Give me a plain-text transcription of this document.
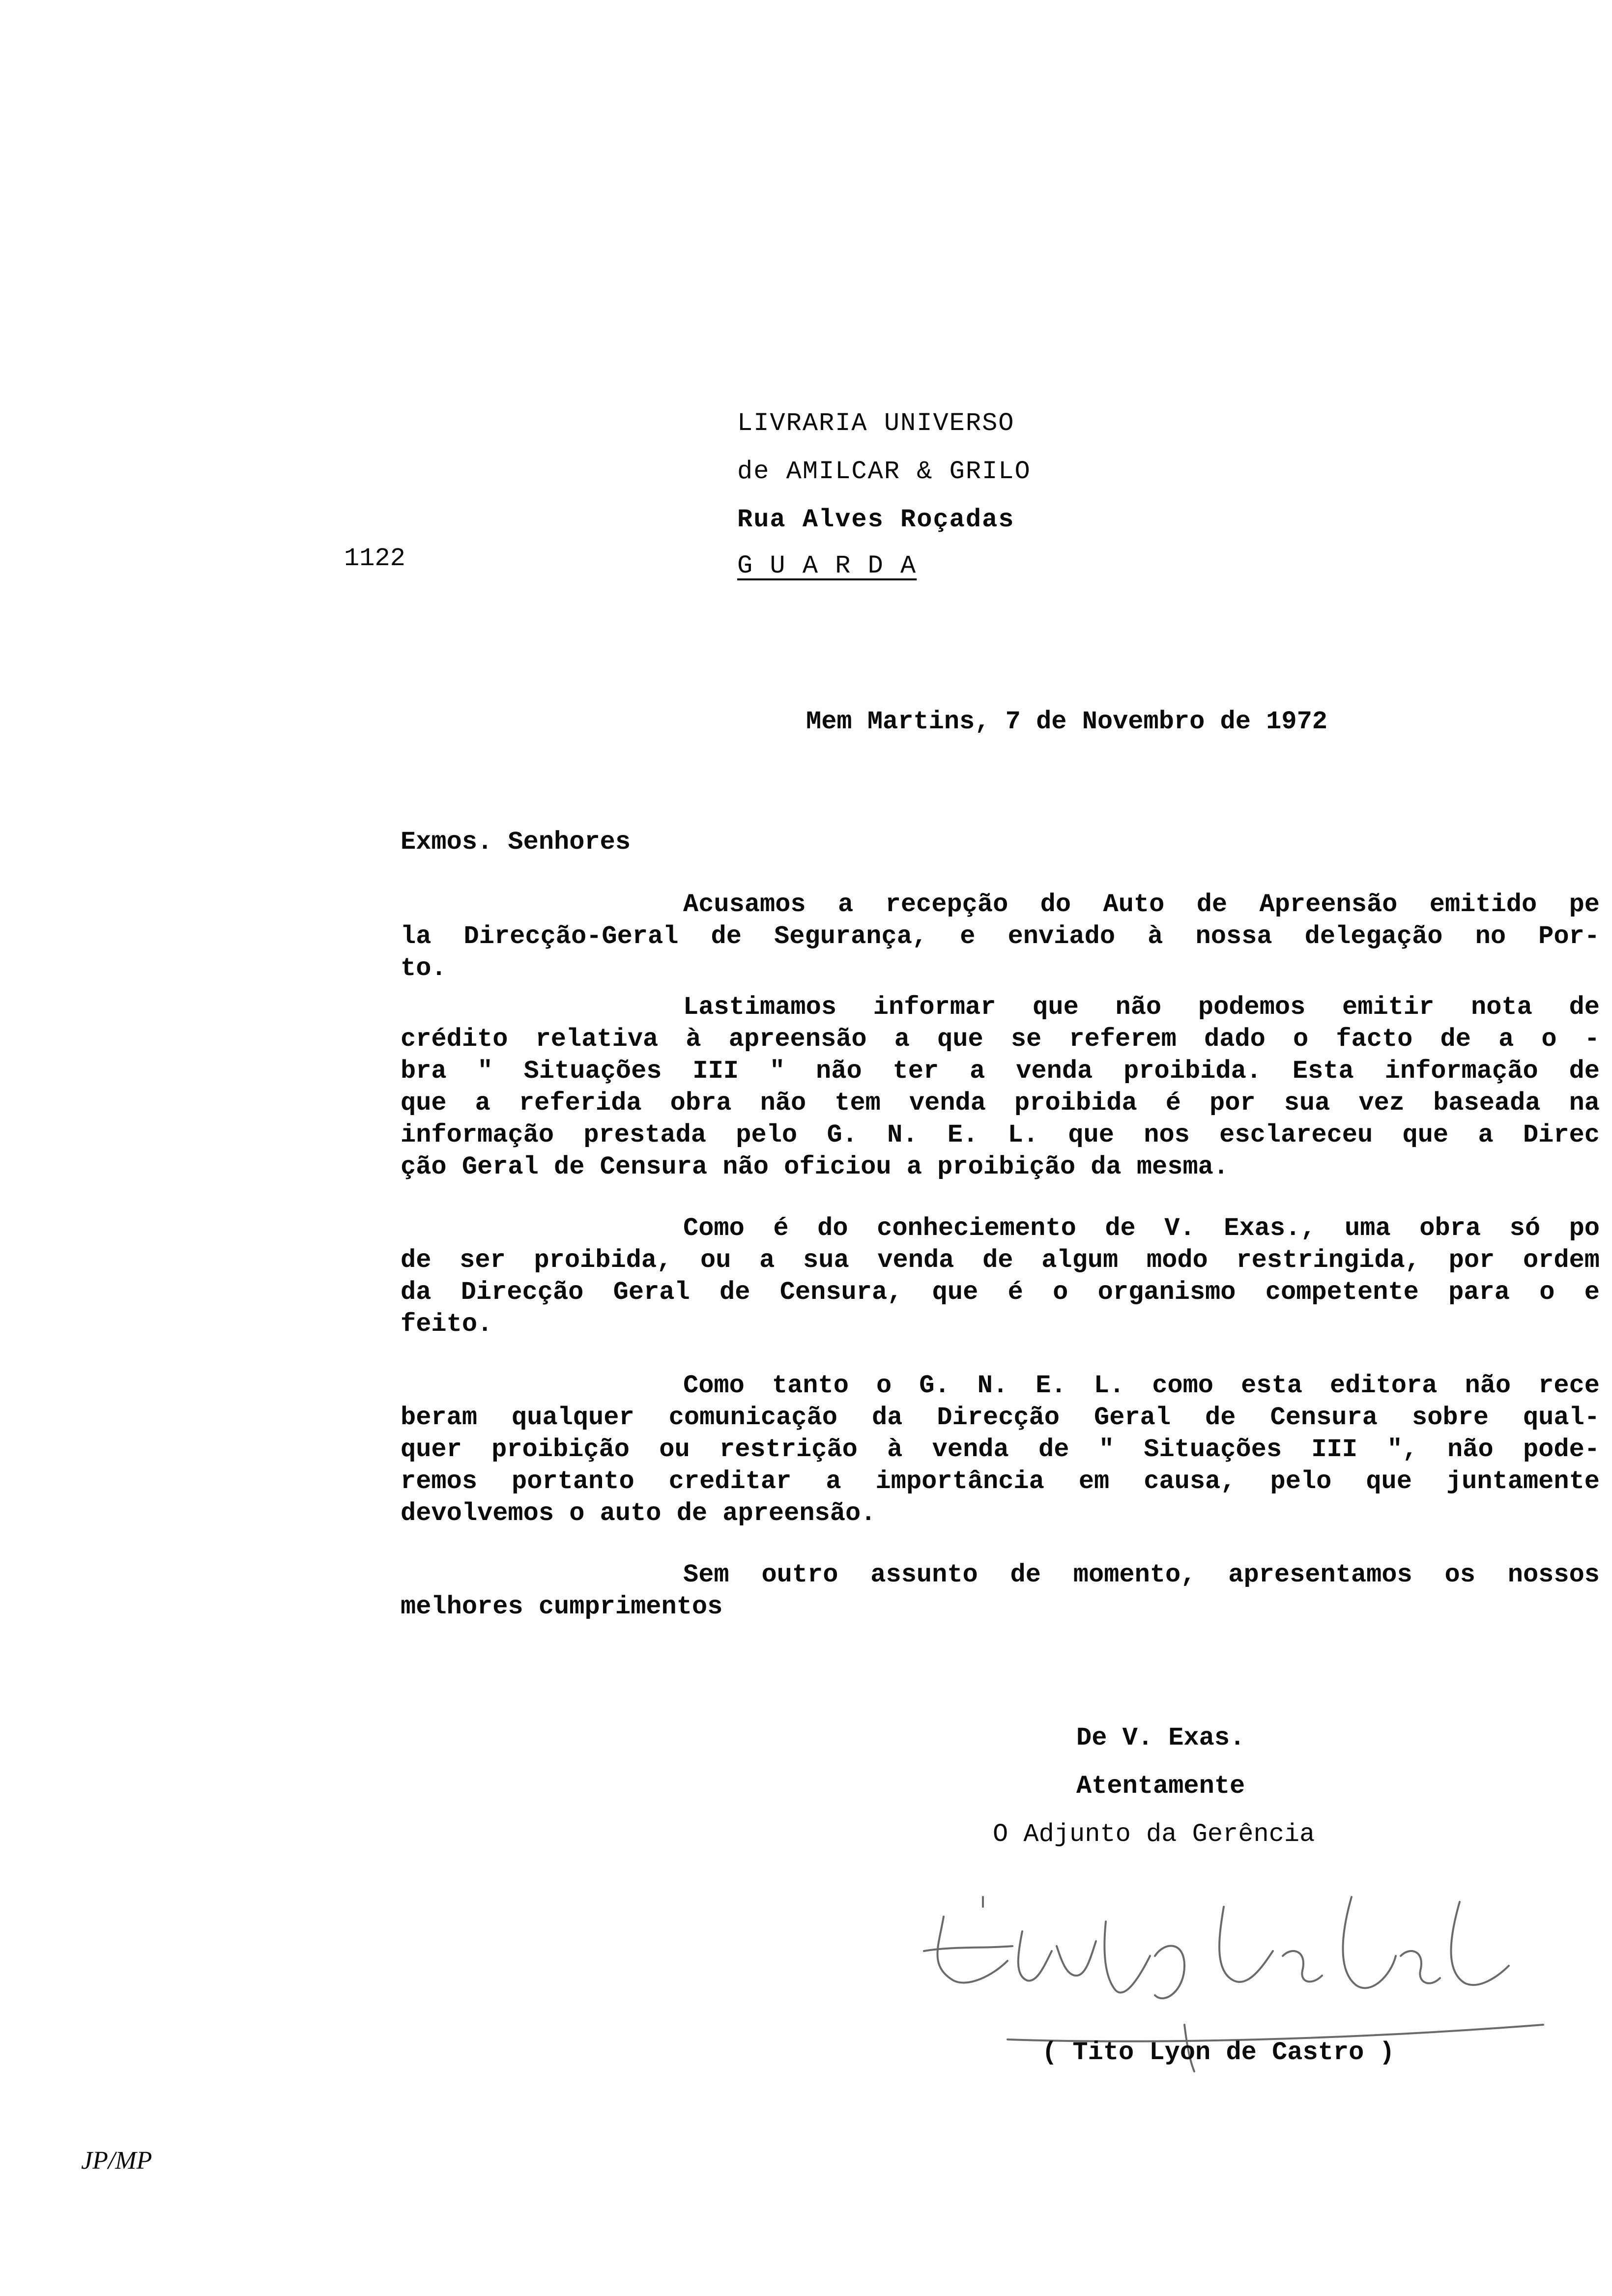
LIVRARIA UNIVERSO
de AMILCAR & GRILO
Rua Alves Roçadas
G U A R D A
1122
Mem Martins, 7 de Novembro de 1972
Exmos. Senhores
Acusamos a recepção do Auto de Apreensão emitido pe
la Direcção-Geral de Segurança, e enviado à nossa delegação no Por-
to.
Lastimamos informar que não podemos emitir nota de
crédito relativa à apreensão a que se referem dado o facto de a o -
bra " Situações III " não ter a venda proibida. Esta informação de
que a referida obra não tem venda proibida é por sua vez baseada na
informação prestada pelo G. N. E. L. que nos esclareceu que a Direc
ção Geral de Censura não oficiou a proibição da mesma.
Como é do conheciemento de V. Exas., uma obra só po
de ser proibida, ou a sua venda de algum modo restringida, por ordem
da Direcção Geral de Censura, que é o organismo competente para o e
feito.
Como tanto o G. N. E. L. como esta editora não rece
beram qualquer comunicação da Direcção Geral de Censura sobre qual-
quer proibição ou restrição à venda de " Situações III ", não pode-
remos portanto creditar a importância em causa, pelo que juntamente
devolvemos o auto de apreensão.
Sem outro assunto de momento, apresentamos os nossos
melhores cumprimentos
De V. Exas.
Atentamente
O Adjunto da Gerência
( Tito Lyon de Castro )
JP/MP
